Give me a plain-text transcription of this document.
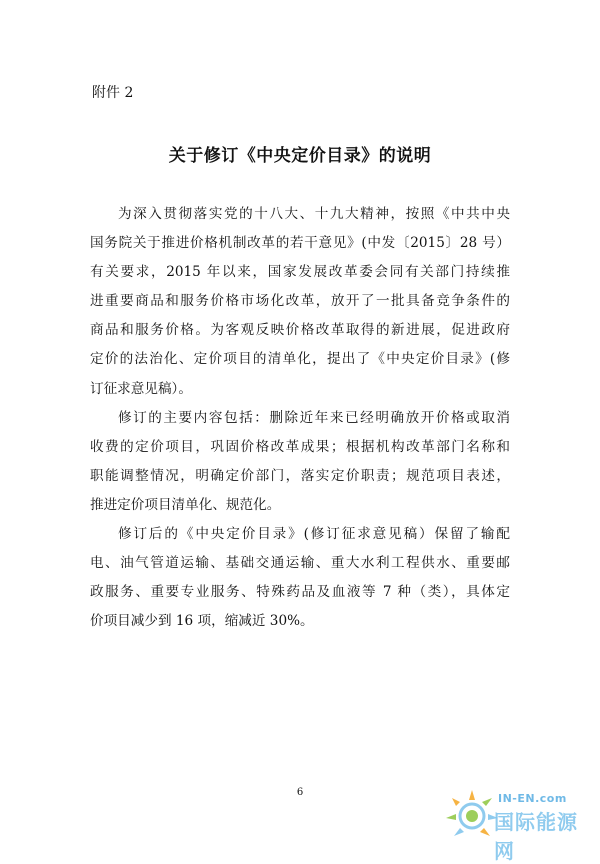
附件 2
关于修订《中央定价目录》的说明
为深入贯彻落实党的十八大、十九大精神，按照《中共中央
国务院关于推进价格机制改革的若干意见》(中发〔2015〕28 号）
有关要求，2015 年以来，国家发展改革委会同有关部门持续推
进重要商品和服务价格市场化改革，放开了一批具备竞争条件的
商品和服务价格。为客观反映价格改革取得的新进展，促进政府
定价的法治化、定价项目的清单化，提出了《中央定价目录》(修
订征求意见稿）。
修订的主要内容包括：删除近年来已经明确放开价格或取消
收费的定价项目，巩固价格改革成果；根据机构改革部门名称和
职能调整情况，明确定价部门，落实定价职责；规范项目表述，
推进定价项目清单化、规范化。
修订后的《中央定价目录》(修订征求意见稿）保留了输配
电、油气管道运输、基础交通运输、重大水利工程供水、重要邮
政服务、重要专业服务、特殊药品及血液等 7 种（类），具体定
价项目减少到 16 项，缩减近 30%。
6	IN-EN.com
国际能源网
